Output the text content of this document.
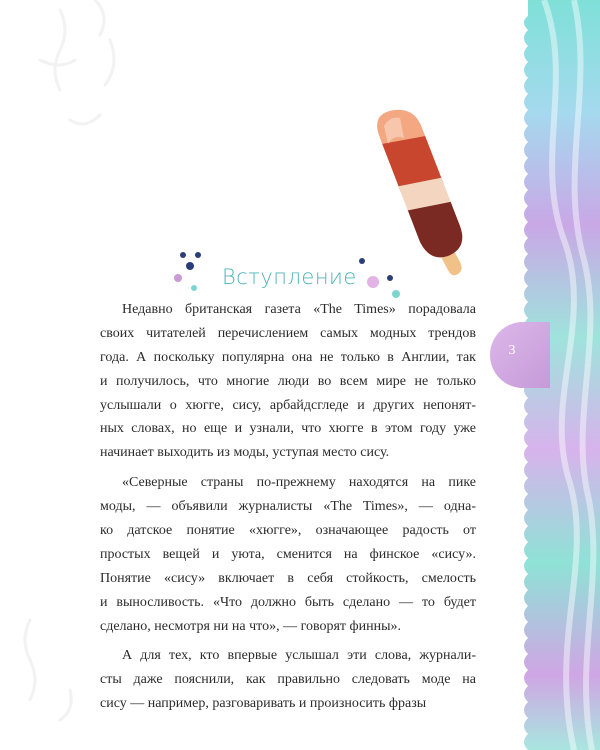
3
Вступление
Недавно британская газета «The Times» порадовала
своих читателей перечислением самых модных трендов
года. А поскольку популярна она не только в Англии, так
и получилось, что многие люди во всем мире не только
услышали о хюгге, сису, арбайдсгледе и других непонят-
ных словах, но еще и узнали, что хюгге в этом году уже
начинает выходить из моды, уступая место сису.
«Северные страны по-прежнему находятся на пике
моды, — объявили журналисты «The Times», — одна-
ко датское понятие «хюгге», означающее радость от
простых вещей и уюта, сменится на финское «сису».
Понятие «сису» включает в себя стойкость, смелость
и выносливость. «Что должно быть сделано — то будет
сделано, несмотря ни на что», — говорят финны».
А для тех, кто впервые услышал эти слова, журнали-
сты даже пояснили, как правильно следовать моде на
сису — например, разговаривать и произносить фразы
